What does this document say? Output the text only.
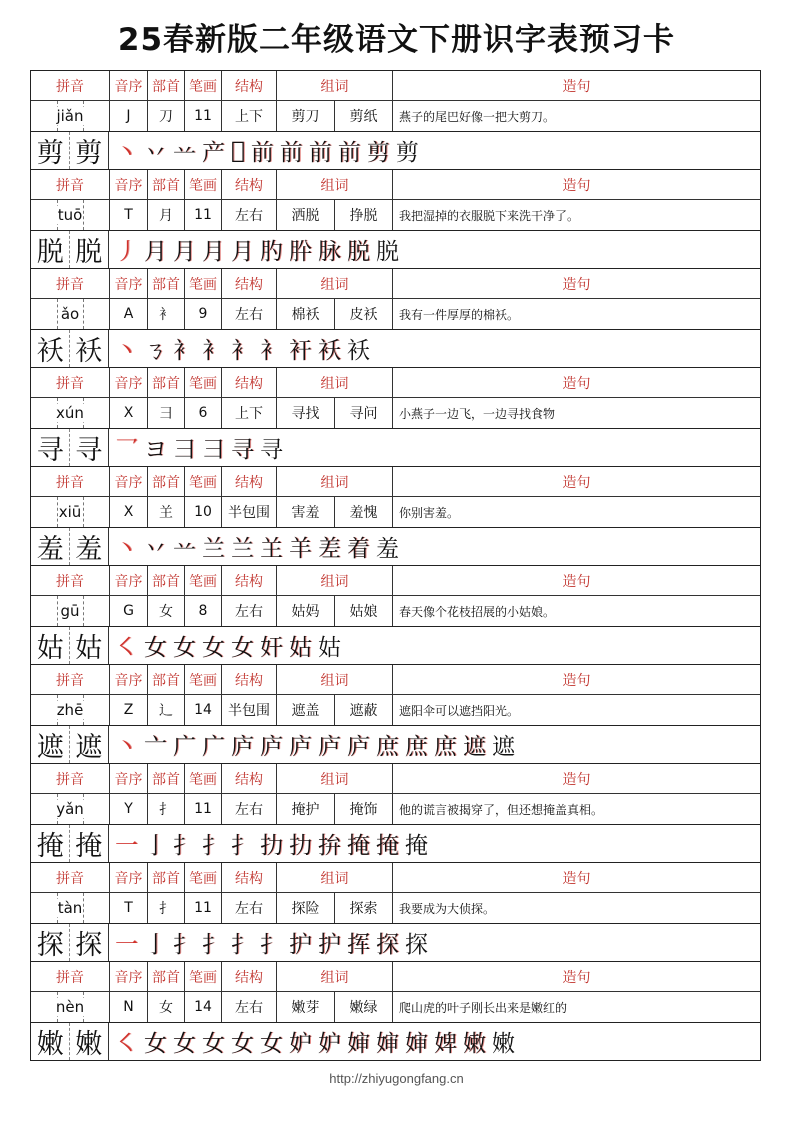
25春新版二年级语文下册识字表预习卡
拼音	音序 部首 笔画	结构	组词	造句
jiǎn	J	刀	11	上下	剪刀	剪纸	燕子的尾巴好像一把大剪刀。
剪 剪 丶 丷 䒑 产 𫇧 前 前 前 前 剪 剪
拼音	音序 部首 笔画	结构	组词	造句
tuō	T	月	11	左右	洒脱	挣脱	我把湿掉的衣服脱下来洗干净了。
脱 脱 丿 月 月 月 月 肑 肸 脉 脱 脱
拼音	音序 部首 笔画	结构	组词	造句
ǎo	A	衤	9	左右	棉袄	皮袄	我有一件厚厚的棉袄。
袄 袄 丶 ㄋ 衤 衤 衤 衤 衦 袄 袄
拼音	音序 部首 笔画	结构	组词	造句
xún	X	彐	6	上下	寻找	寻问	小燕子一边飞，一边寻找食物
寻 寻 乛 ヨ 彐 彐 寻 寻
拼音	音序 部首 笔画	结构	组词	造句
xiū	X	𦍌	10	半包围	害羞	羞愧	你别害羞。
羞 羞 丶 丷 䒑 兰 兰 𦍌 羊 差 着 羞
拼音	音序 部首 笔画	结构	组词	造句
gū	G	女	8	左右	姑妈	姑娘	春天像个花枝招展的小姑娘。
姑 姑 ㇛ 女 女 女 女 奸 姑 姑
拼音	音序 部首 笔画	结构	组词	造句
zhē	Z	辶	14	半包围	遮盖	遮蔽	遮阳伞可以遮挡阳光。
遮 遮 丶 亠 广 广 庐 庐 庐 庐 庐 庶 庶 庶 遮 遮
拼音	音序 部首 笔画	结构	组词	造句
yǎn	Y	扌	11	左右	掩护	掩饰	他的谎言被揭穿了，但还想掩盖真相。
掩 掩 一 亅 扌 扌 扌 扐 扐 拚 掩 掩 掩
拼音	音序 部首 笔画	结构	组词	造句
tàn	T	扌	11	左右	探险	探索	我要成为大侦探。
探 探 一 亅 扌 扌 扌 扌 护 护 挥 探 探
拼音	音序 部首 笔画	结构	组词	造句
nèn	N	女	14	左右	嫩芽	嫩绿	爬山虎的叶子刚长出来是嫩红的
嫩 嫩 ㇛ 女 女 女 女 女 妒 妒 婶 婶 婶 婢 嫩 嫩
http://zhiyugongfang.cn
